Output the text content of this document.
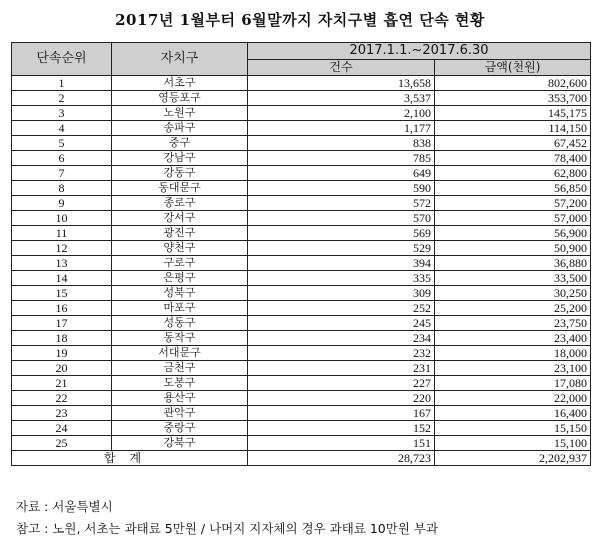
2017년 1월부터 6월말까지 자치구별 흡연 단속 현황
단속순위	자치구	2017.1.1.~2017.6.30	
		건수	금액(천원)
1	서초구	13,658	802,600
2	영등포구	3,537	353,700
3	노원구	2,100	145,175
4	송파구	1,177	114,150
5	중구	838	67,452
6	강남구	785	78,400
7	강동구	649	62,800
8	동대문구	590	56,850
9	종로구	572	57,200
10	강서구	570	57,000
11	광진구	569	56,900
12	양천구	529	50,900
13	구로구	394	36,880
14	은평구	335	33,500
15	성북구	309	30,250
16	마포구	252	25,200
17	성동구	245	23,750
18	동작구	234	23,400
19	서대문구	232	18,000
20	금천구	231	23,100
21	도봉구	227	17,080
22	용산구	220	22,000
23	관악구	167	16,400
24	중랑구	152	15,150
25	강북구	151	15,100
합계		28,723	2,202,937
자료 : 서울특별시
참고 : 노원, 서초는 과태료 5만원 / 나머지 지자체의 경우 과태료 10만원 부과
